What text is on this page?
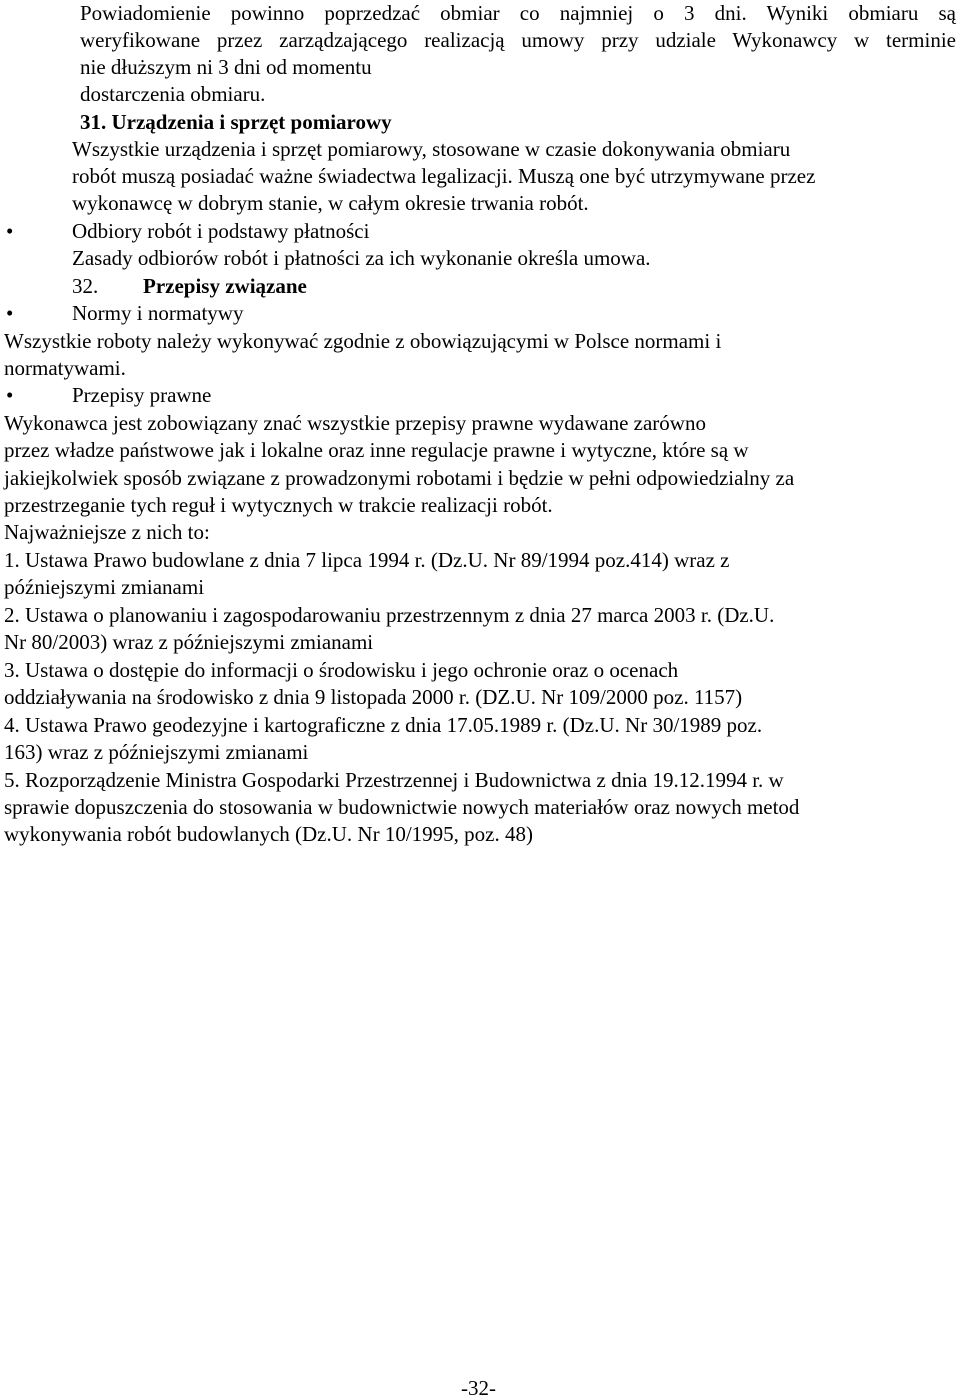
Powiadomienie powinno poprzedzać obmiar co najmniej o 3 dni. Wyniki obmiaru są
weryfikowane przez zarządzającego realizacją umowy przy udziale Wykonawcy w terminie
nie dłuższym ni 3 dni od momentu
dostarczenia obmiaru.
31. Urządzenia i sprzęt pomiarowy
Wszystkie urządzenia i sprzęt pomiarowy, stosowane w czasie dokonywania obmiaru
robót muszą posiadać ważne świadectwa legalizacji. Muszą one być utrzymywane przez
wykonawcę w dobrym stanie, w całym okresie trwania robót.
•	Odbiory robót i podstawy płatności
Zasady odbiorów robót i płatności za ich wykonanie określa umowa.
32. Przepisy związane
•	Normy i normatywy
Wszystkie roboty należy wykonywać zgodnie z obowiązującymi w Polsce normami i
normatywami.
•	Przepisy prawne
Wykonawca jest zobowiązany znać wszystkie przepisy prawne wydawane zarówno
przez władze państwowe jak i lokalne oraz inne regulacje prawne i wytyczne, które są w
jakiejkolwiek sposób związane z prowadzonymi robotami i będzie w pełni odpowiedzialny za
przestrzeganie tych reguł i wytycznych w trakcie realizacji robót.
Najważniejsze z nich to:
1. Ustawa Prawo budowlane z dnia 7 lipca 1994 r. (Dz.U. Nr 89/1994 poz.414) wraz z
późniejszymi zmianami
2. Ustawa o planowaniu i zagospodarowaniu przestrzennym z dnia 27 marca 2003 r. (Dz.U.
Nr 80/2003) wraz z późniejszymi zmianami
3. Ustawa o dostępie do informacji o środowisku i jego ochronie oraz o ocenach
oddziaływania na środowisko z dnia 9 listopada 2000 r. (DZ.U. Nr 109/2000 poz. 1157)
4. Ustawa Prawo geodezyjne i kartograficzne z dnia 17.05.1989 r. (Dz.U. Nr 30/1989 poz.
163) wraz z późniejszymi zmianami
5. Rozporządzenie Ministra Gospodarki Przestrzennej i Budownictwa z dnia 19.12.1994 r. w
sprawie dopuszczenia do stosowania w budownictwie nowych materiałów oraz nowych metod
wykonywania robót budowlanych (Dz.U. Nr 10/1995, poz. 48)
-32-
